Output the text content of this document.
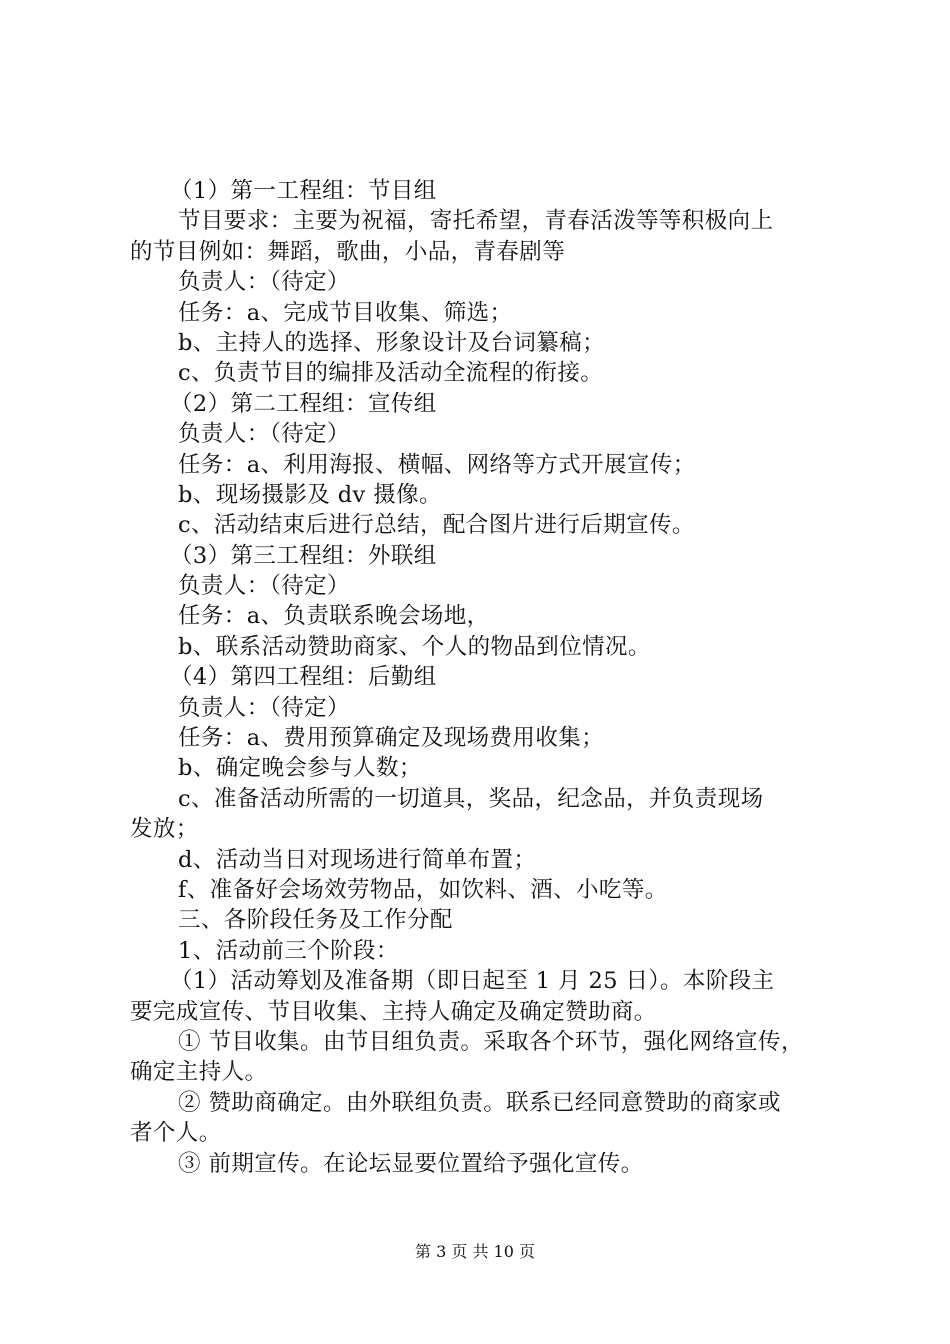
（1）第一工程组：节目组
节目要求：主要为祝福，寄托希望，青春活泼等等积极向上
的节目例如：舞蹈，歌曲，小品，青春剧等
负责人：（待定）
任务：a、完成节目收集、筛选；
b、主持人的选择、形象设计及台词纂稿；
c、负责节目的编排及活动全流程的衔接。
（2）第二工程组：宣传组
负责人：（待定）
任务：a、利用海报、横幅、网络等方式开展宣传；
b、现场摄影及 dv 摄像。
c、活动结束后进行总结，配合图片进行后期宣传。
（3）第三工程组：外联组
负责人：（待定）
任务：a、负责联系晚会场地，
b、联系活动赞助商家、个人的物品到位情况。
（4）第四工程组：后勤组
负责人：（待定）
任务：a、费用预算确定及现场费用收集；
b、确定晚会参与人数；
c、准备活动所需的一切道具，奖品，纪念品，并负责现场
发放；
d、活动当日对现场进行简单布置；
f、准备好会场效劳物品，如饮料、酒、小吃等。
三、各阶段任务及工作分配
1、活动前三个阶段：
（1）活动筹划及准备期（即日起至 1 月 25 日）。本阶段主
要完成宣传、节目收集、主持人确定及确定赞助商。
① 节目收集。由节目组负责。采取各个环节，强化网络宣传，
确定主持人。
② 赞助商确定。由外联组负责。联系已经同意赞助的商家或
者个人。
③ 前期宣传。在论坛显要位置给予强化宣传。
第 3 页 共 10 页
